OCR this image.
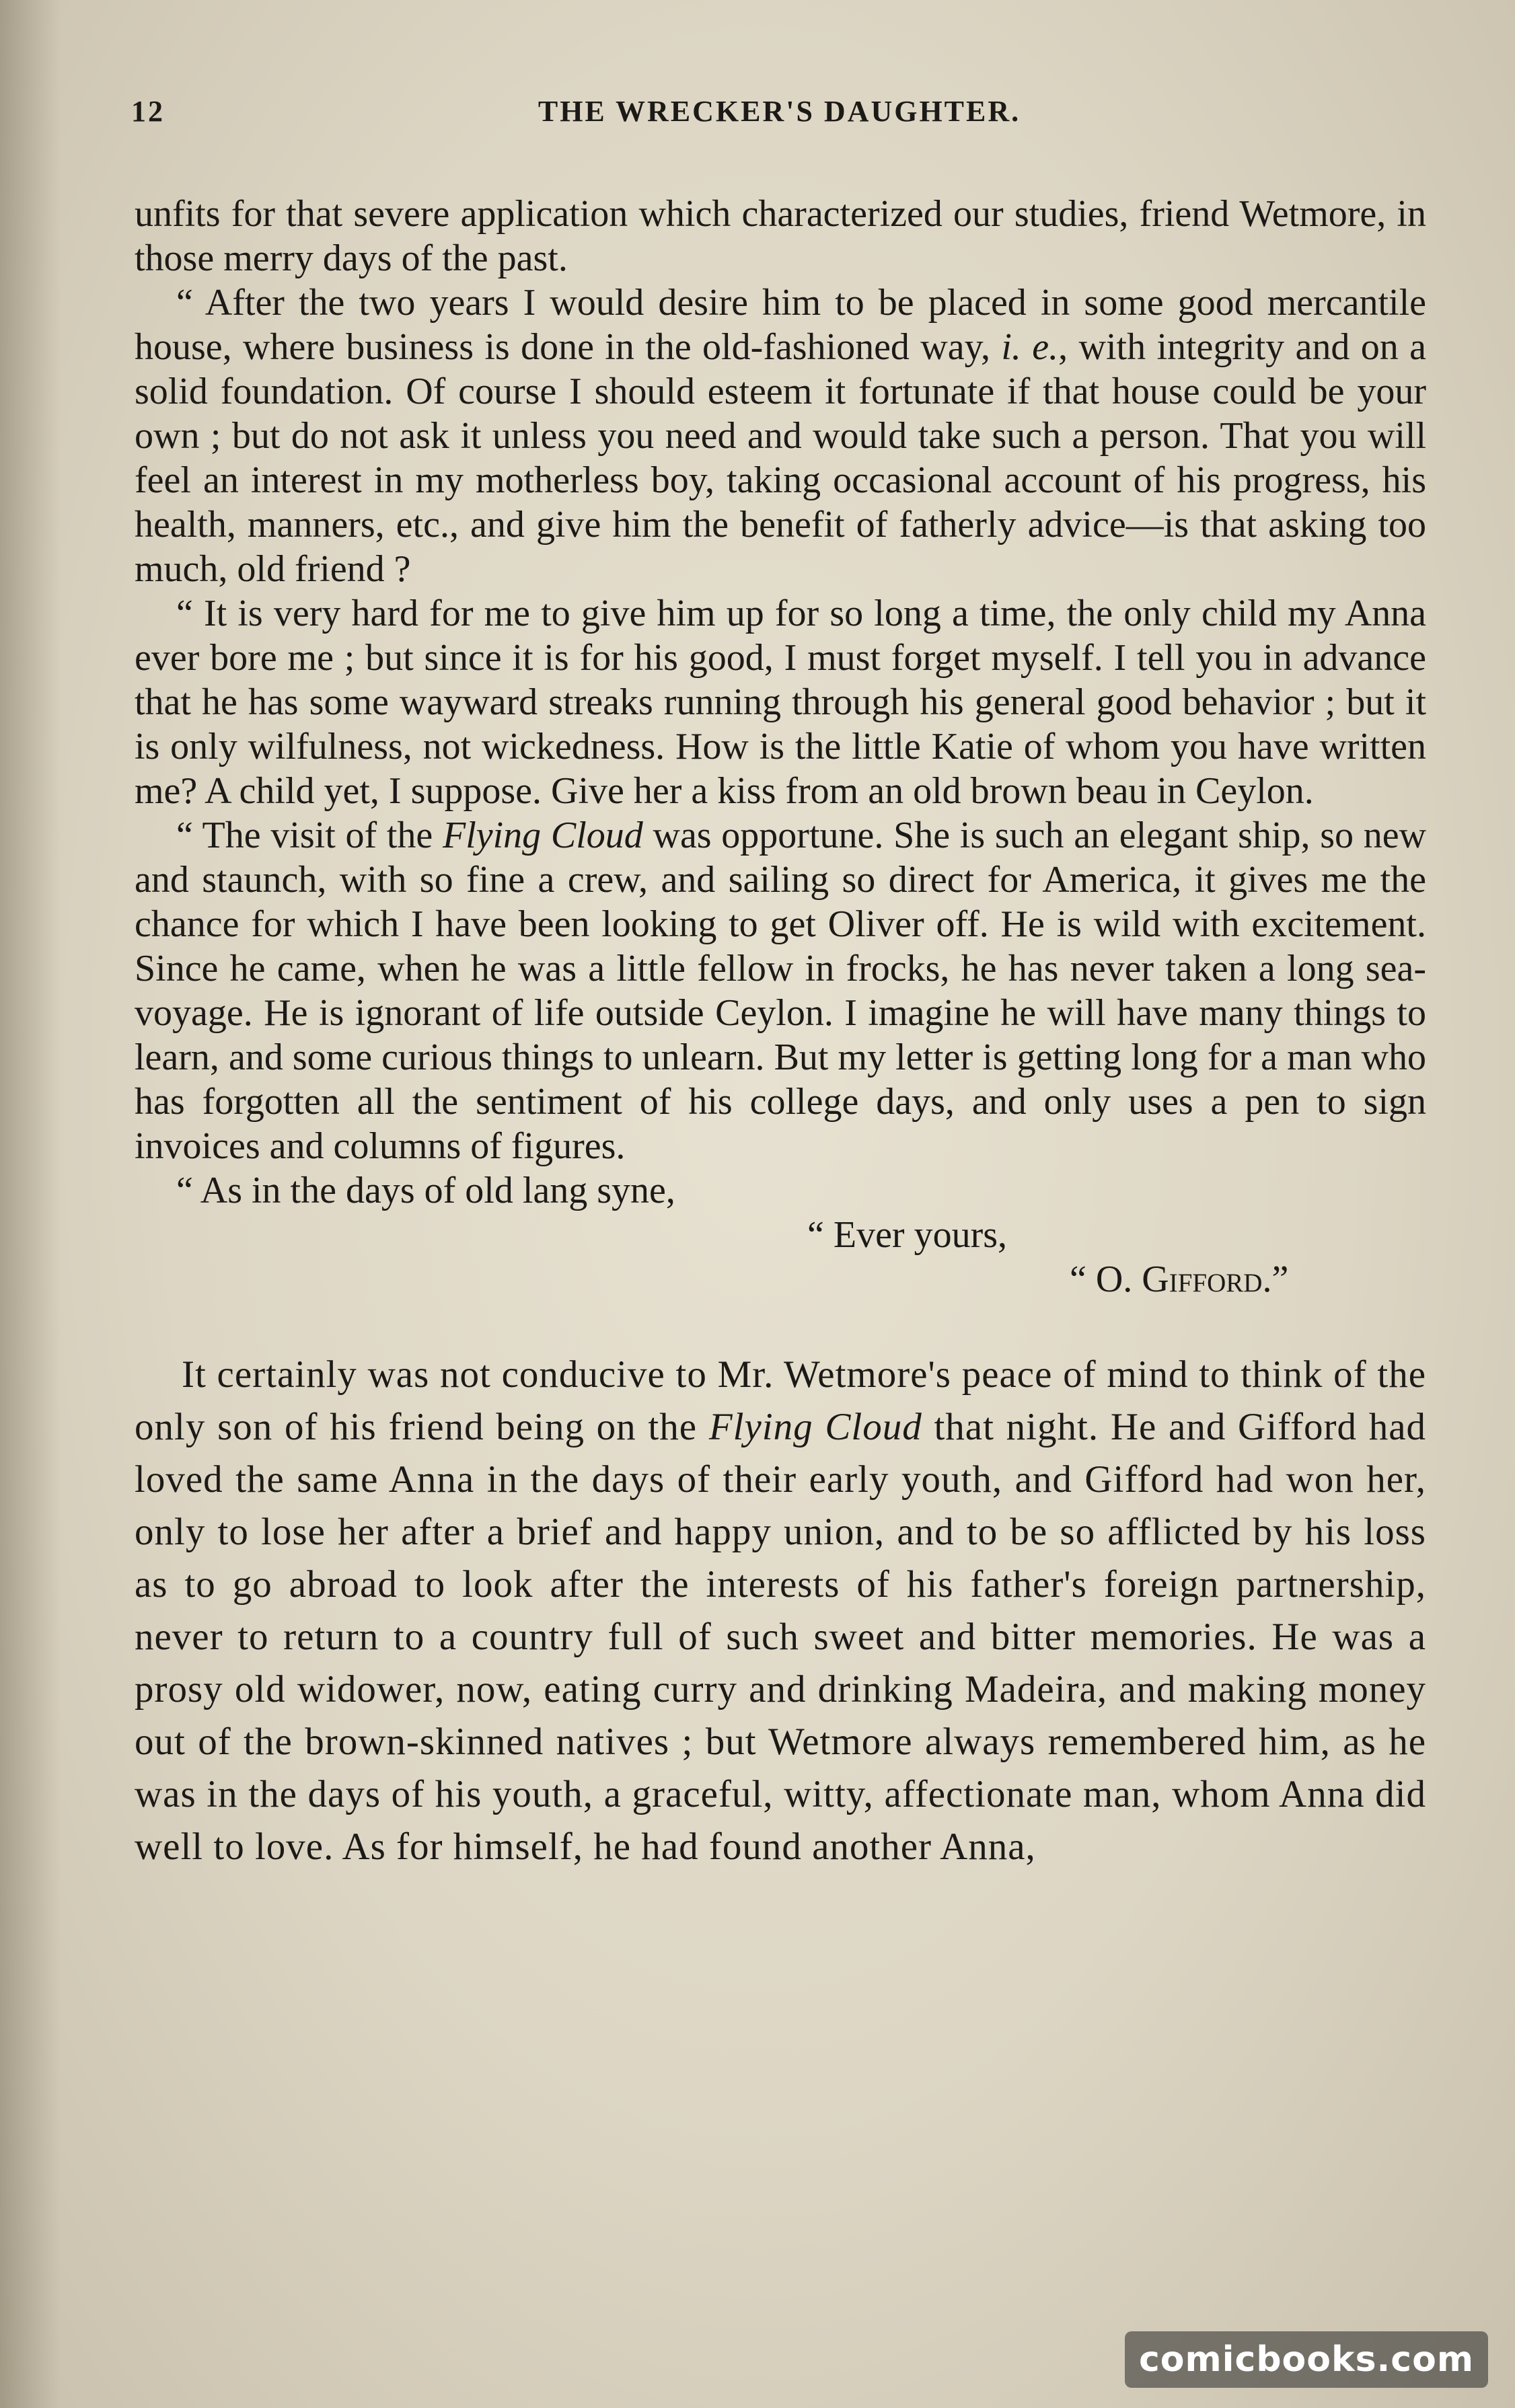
12	THE WRECKER'S DAUGHTER.

unfits for that severe application which characterized our studies, friend Wetmore, in those merry days of the past.

“ After the two years I would desire him to be placed in some good mercantile house, where business is done in the old-fashioned way, i. e., with integrity and on a solid foundation. Of course I should esteem it fortunate if that house could be your own ; but do not ask it unless you need and would take such a person. That you will feel an interest in my motherless boy, taking occasional account of his progress, his health, manners, etc., and give him the benefit of fatherly advice—is that asking too much, old friend ?

“ It is very hard for me to give him up for so long a time, the only child my Anna ever bore me ; but since it is for his good, I must forget myself. I tell you in advance that he has some wayward streaks running through his general good behavior ; but it is only wilfulness, not wickedness. How is the little Katie of whom you have written me? A child yet, I suppose. Give her a kiss from an old brown beau in Ceylon.

“ The visit of the Flying Cloud was opportune. She is such an elegant ship, so new and staunch, with so fine a crew, and sailing so direct for America, it gives me the chance for which I have been looking to get Oliver off. He is wild with excitement. Since he came, when he was a little fellow in frocks, he has never taken a long sea-voyage. He is ignorant of life outside Ceylon. I imagine he will have many things to learn, and some curious things to unlearn. But my letter is getting long for a man who has forgotten all the sentiment of his college days, and only uses a pen to sign invoices and columns of figures.

“ As in the days of old lang syne,

“ Ever yours,

“ O. Gifford.”

It certainly was not conducive to Mr. Wetmore's peace of mind to think of the only son of his friend being on the Flying Cloud that night. He and Gifford had loved the same Anna in the days of their early youth, and Gifford had won her, only to lose her after a brief and happy union, and to be so afflicted by his loss as to go abroad to look after the interests of his father's foreign partnership, never to return to a country full of such sweet and bitter memories. He was a prosy old widower, now, eating curry and drinking Madeira, and making money out of the brown-skinned natives ; but Wetmore always remembered him, as he was in the days of his youth, a graceful, witty, affectionate man, whom Anna did well to love. As for himself, he had found another Anna,

comicbooks.com
